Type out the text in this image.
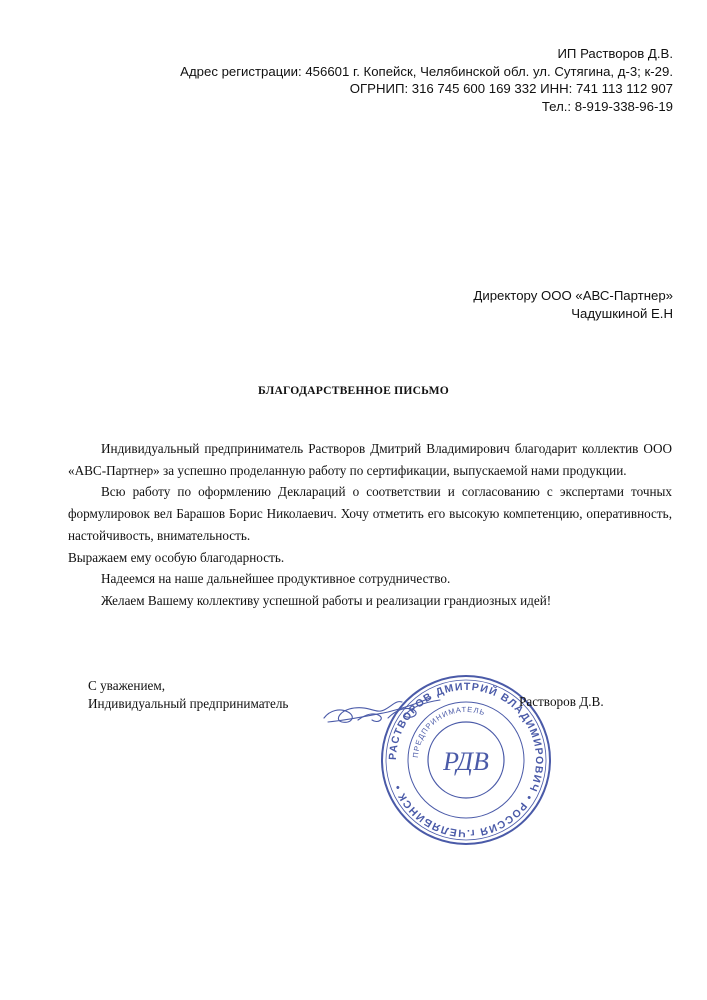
ИП Растворов Д.В.
Адрес регистрации: 456601 г. Копейск, Челябинской обл. ул. Сутягина, д-3; к-29.
ОГРНИП: 316 745 600 169 332 ИНН: 741 113 112 907
Тел.: 8-919-338-96-19
Директору ООО «АВС-Партнер»
Чадушкиной Е.Н
БЛАГОДАРСТВЕННОЕ ПИСЬМО

Индивидуальный предприниматель Растворов Дмитрий Владимирович благодарит коллектив ООО «АВС-Партнер» за успешно проделанную работу по сертификации, выпускаемой нами продукции.

Всю работу по оформлению Деклараций о соответствии и согласованию с экспертами точных формулировок вел Барашов Борис Николаевич. Хочу отметить его высокую компетенцию, оперативность, настойчивость, внимательность.

Выражаем ему особую благодарность.

Надеемся на наше дальнейшее продуктивное сотрудничество.

Желаем Вашему коллективу успешной работы и реализации грандиозных идей!

С уважением,
Индивидуальный предприниматель
РАСТВОРОВ ДМИТРИЙ ВЛАДИМИРОВИЧ • РОССИЯ г.ЧЕЛЯБИНСК •
ПРЕДПРИНИМАТЕЛЬ
РДВ
Растворов Д.В.
